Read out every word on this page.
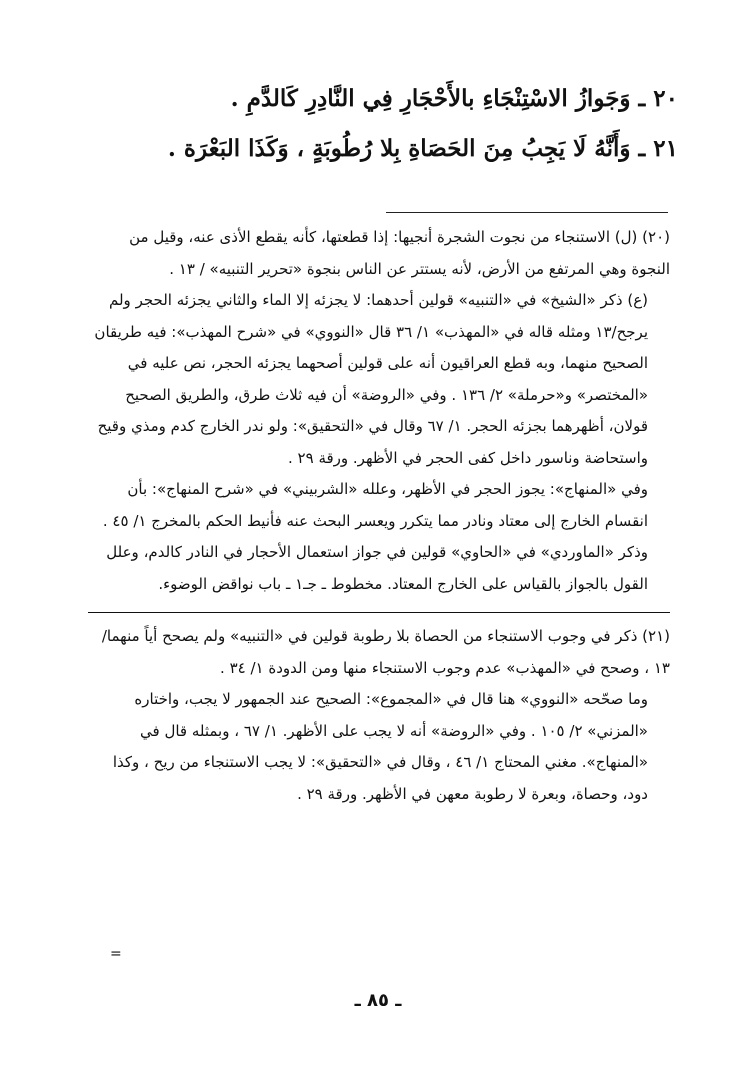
٢٠ ـ وَجَوازُ الاسْتِنْجَاءِ بالأَحْجَارِ فِي النَّادِرِ كَالدَّمِ .

٢١ ـ وَأَنَّهُ لَا يَجِبُ مِنَ الحَصَاةِ بِلا رُطُوبَةٍ ، وَكَذَا البَعْرَة .

(٢٠) (ل) الاستنجاء من نجوت الشجرة أنجيها: إذا قطعتها، كأنه يقطع الأذى عنه، وقيل من النجوة وهي المرتفع من الأرض، لأنه يستتر عن الناس بنجوة «تحرير التنبيه» / ١٣ .

(ع) ذكر «الشيخ» في «التنبيه» قولين أحدهما: لا يجزئه إلا الماء والثاني يجزئه الحجر ولم يرجح/١٣ ومثله قاله في «المهذب» ١/ ٣٦ قال «النووي» في «شرح المهذب»: فيه طريقان الصحيح منهما، وبه قطع العراقيون أنه على قولين أصحهما يجزئه الحجر، نص عليه في «المختصر» و«حرملة» ٢/ ١٣٦ . وفي «الروضة» أن فيه ثلاث طرق، والطريق الصحيح قولان، أظهرهما بجزئه الحجر. ١/ ٦٧ وقال في «التحقيق»: ولو ندر الخارج كدم ومذي وقيح واستحاضة وناسور داخل كفى الحجر في الأظهر. ورقة ٢٩ .

وفي «المنهاج»: يجوز الحجر في الأظهر، وعلله «الشربيني» في «شرح المنهاج»: بأن انقسام الخارج إلى معتاد ونادر مما يتكرر ويعسر البحث عنه فأنيط الحكم بالمخرج ١/ ٤٥ . وذكر «الماوردي» في «الحاوي» قولين في جواز استعمال الأحجار في النادر كالدم، وعلل القول بالجواز بالقياس على الخارج المعتاد. مخطوط ـ جـ١ ـ باب نواقض الوضوء.

(٢١) ذكر في وجوب الاستنجاء من الحصاة بلا رطوبة قولين في «التنبيه» ولم يصحح أياً منهما/١٣ ، وصحح في «المهذب» عدم وجوب الاستنجاء منها ومن الدودة ١/ ٣٤ .

وما صحّحه «النووي» هنا قال في «المجموع»: الصحيح عند الجمهور لا يجب، واختاره «المزني» ٢/ ١٠٥ . وفي «الروضة» أنه لا يجب على الأظهر. ١/ ٦٧ ، وبمثله قال في «المنهاج». مغني المحتاج ١/ ٤٦ ، وقال في «التحقيق»: لا يجب الاستنجاء من ريح ، وكذا دود، وحصاة، وبعرة لا رطوبة معهن في الأظهر. ورقة ٢٩ .

=
ـ ٨٥ ـ
